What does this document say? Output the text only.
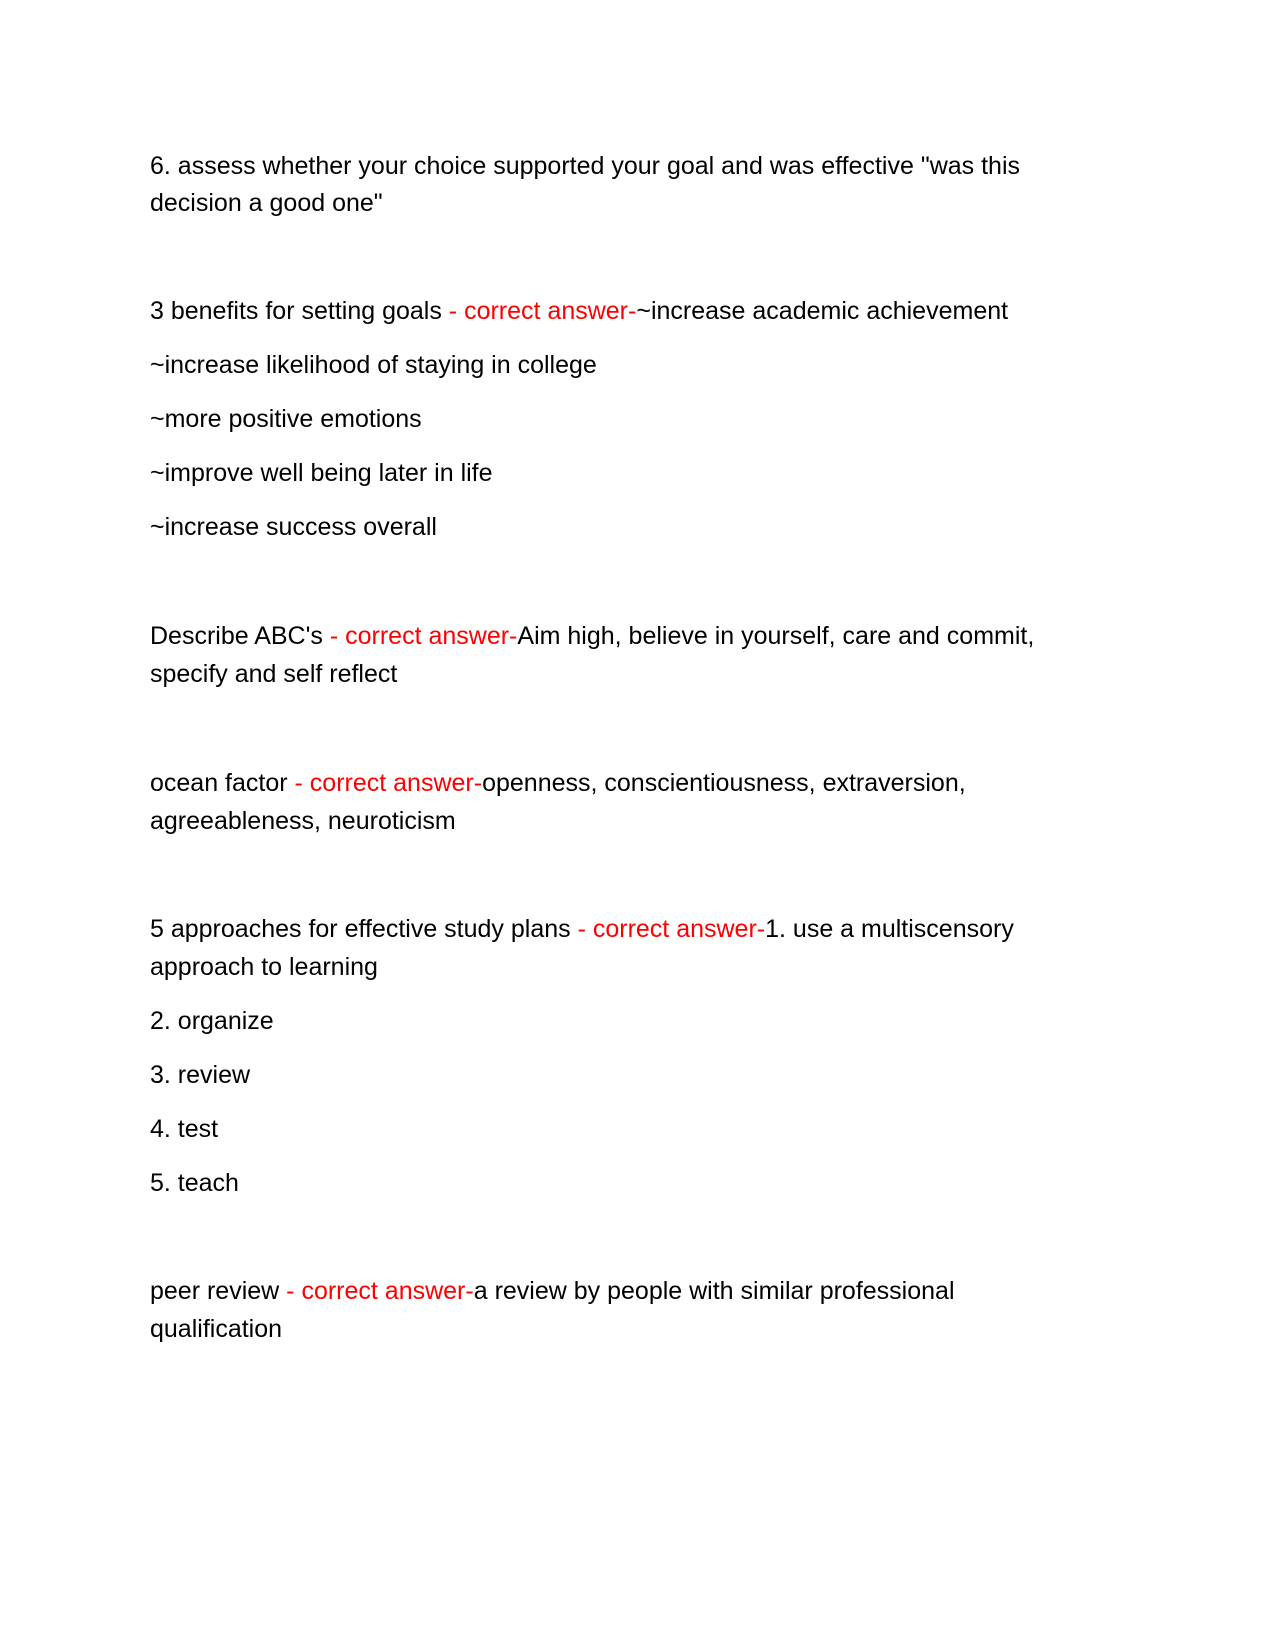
6. assess whether your choice supported your goal and was effective "was this
decision a good one"
3 benefits for setting goals - correct answer-~increase academic achievement
~increase likelihood of staying in college
~more positive emotions
~improve well being later in life
~increase success overall
Describe ABC's - correct answer-Aim high, believe in yourself, care and commit,
specify and self reflect
ocean factor - correct answer-openness, conscientiousness, extraversion,
agreeableness, neuroticism
5 approaches for effective study plans - correct answer-1. use a multiscensory
approach to learning
2. organize
3. review
4. test
5. teach
peer review - correct answer-a review by people with similar professional
qualification
